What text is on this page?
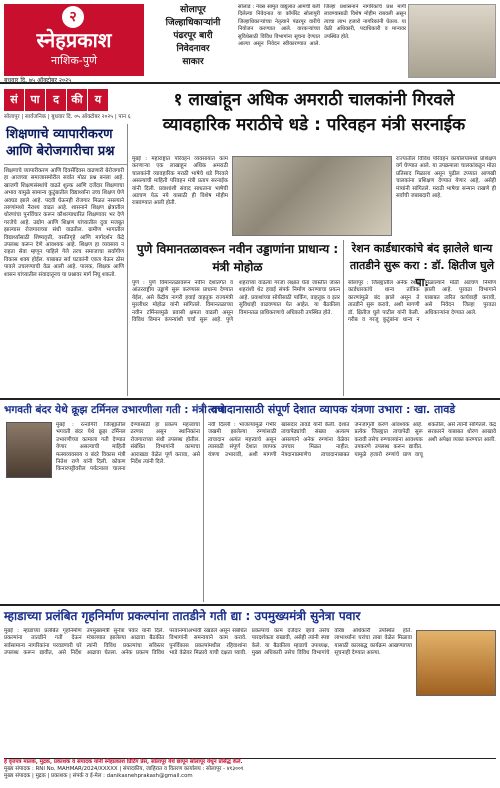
२
स्नेहप्रकाश
नाशिक-पुणे
सोलापूर
जिल्हाधिकाऱ्यांनी
पंढरपूर बारी
निवेदनावर
साकार
सोलाड : नेवस सामुत वाद्युलात आमची बली दिलेल्या निवेदनात या कॉर्पोरेट सोलापुरी जिल्हाधिकाऱ्यांच्या नेतृत्वाने पंढरपूर वारीचे नियोजन करण्यात आले. वारकऱ्यांच्या सुविधेसाठी विविध विभागांना सूचना देण्यात आल्या असून निवेदन स्वीकारण्यात आले. जिल्हा प्रशासनाने नागरिकांचे प्रश्न मार्गी लावण्यासाठी विशेष मोहीम राबवली असून त्याचा लाभ हजारो नागरिकांनी घेतला. या वेळी अधिकारी, पदाधिकारी व मान्यवर उपस्थित होते.
बुधवार दि. ७५ ऑक्टोबर २०२५
सं पा द की य
सोलापूर | सार्वजनिक | बुधवार दि. ०५ ऑक्टोबर २०२५ | पान ६
शिक्षणाचे व्यापारीकरण आणि बेरोजगारीचा प्रश्न
शिक्षणाचे व्यापारीकरण आणि दिवसेंदिवस वाढणारी बेरोजगारी हा आजच्या समाजासमोरील सर्वात मोठा प्रश्न बनला आहे. खाजगी शिक्षणसंस्थांचे वाढते शुल्क आणि दर्जेदार शिक्षणाचा अभाव यामुळे सामान्य कुटुंबातील विद्यार्थ्यांना उच्च शिक्षण घेणे अवघड झाले आहे. पदवी घेऊनही रोजगार मिळत नसल्याने तरुणांमध्ये नैराश्य वाढत आहे. शासनाने शिक्षण क्षेत्रातील धोरणांचा पुनर्विचार करून कौशल्याधारित शिक्षणावर भर देणे गरजेचे आहे. उद्योग आणि शिक्षण यांच्यातील दुवा मजबूत झाल्यास रोजगाराच्या संधी वाढतील. ग्रामीण भागातील विद्यार्थ्यांसाठी शिष्यवृत्ती, वसतिगृहे आणि मार्गदर्शन केंद्रे उपलब्ध करून देणे आवश्यक आहे. शिक्षण हा व्यवसाय न राहता सेवा म्हणून पाहिले गेले तरच समाजाचा सर्वांगीण विकास शक्य होईल. याबाबत सर्व घटकांनी एकत्र येऊन ठोस पावले उचलण्याची वेळ आली आहे. पालक, शिक्षक आणि शासन यांच्यातील संवादातूनच या प्रश्नावर मार्ग निघू शकतो.
१ लाखांहून अधिक अमराठी चालकांनी गिरवले
व्यावहारिक मराठीचे धडे : परिवहन मंत्री सरनाईक
मुंबई : महाराष्ट्रात परिवहन व्यवसायात काम करणाऱ्या एक लाखाहून अधिक अमराठी चालकांनी व्यावहारिक मराठी भाषेचे धडे गिरवले असल्याची माहिती परिवहन मंत्री प्रताप सरनाईक यांनी दिली. प्रवाशांशी संवाद साधताना भाषेची अडचण येऊ नये यासाठी ही विशेष मोहीम राबवण्यात आली होती.
राज्यातील विविध परिवहन कार्यालयांमध्ये प्रशिक्षण वर्ग घेण्यात आले. या उपक्रमाला चालकांकडून मोठा प्रतिसाद मिळाला असून पुढील टप्प्यात आणखी चालकांना प्रशिक्षण देण्यात येणार आहे, असेही मंत्र्यांनी सांगितले. मराठी भाषेचा सन्मान राखणे ही सर्वांची जबाबदारी आहे.
पुणे विमानतळावरून नवीन उड्डाणांना प्राधान्य : मंत्री मोहोळ
पुणे : पुणे विमानतळावरून नवीन देशांतर्गत व आंतरराष्ट्रीय उड्डाणे सुरू करण्यास प्राधान्य देण्यात येईल, असे केंद्रीय नागरी हवाई वाहतूक राज्यमंत्री मुरलीधर मोहोळ यांनी सांगितले. विमानतळाच्या नवीन टर्मिनलमुळे प्रवासी क्षमता वाढली असून विविध विमान कंपन्यांशी चर्चा सुरू आहे. पुणे शहराच्या वाढत्या गरजा लक्षात घेता जास्तीत जास्त शहरांशी थेट हवाई संपर्क निर्माण करण्याचा प्रयत्न आहे. प्रवाशांच्या सोयीसाठी पार्किंग, वाहतूक व इतर सुविधाही वाढवण्यात येत आहेत. या बैठकीला विमानतळ प्राधिकरणाचे अधिकारी उपस्थित होते.
रेशन कार्डधारकांचे बंद झालेले धान्य तातडीने सुरू करा : डॉ. क्षितीज घुले पा.
सोलापूर : जिल्ह्यातील अनेक रेशन कार्डधारकांचे धान्य तांत्रिक कारणांमुळे बंद झाले असून ते तातडीने सुरू करावे, अशी मागणी डॉ. क्षितीज घुले पाटील यांनी केली. गरीब व गरजू कुटुंबांना धान्य न मिळाल्याने मोठी अडचण निर्माण झाली आहे. पुरवठा विभागाने याबाबत त्वरित कार्यवाही करावी, असे निवेदन जिल्हा पुरवठा अधिकाऱ्यांना देण्यात आले.
भगवती बंदर येथे क्रूझ टर्मिनल उभारणीला गती : मंत्री राणे
मुंबई : रत्नागिरी जिल्ह्यातील भगवती बंदर येथे क्रूझ टर्मिनल उभारणीच्या कामाला गती देण्यात येणार असल्याची माहिती मत्स्यव्यवसाय व बंदरे विकास मंत्री नितेश राणे यांनी दिली. कोकण किनारपट्टीवरील पर्यटनाला चालना देण्यासाठी हा प्रकल्प महत्त्वाचा ठरणार असून स्थानिकांना रोजगाराच्या संधी उपलब्ध होतील. संबंधित विभागांनी कामाचा आराखडा वेळेत पूर्ण करावा, असे निर्देश त्यांनी दिले.
त्वचादानासाठी संपूर्ण देशात व्यापक यंत्रणा उभारा : खा. तावडे
नवी दिल्ली : भाजल्यामुळे गंभीर जखमी झालेल्या रुग्णांसाठी त्वचादान अत्यंत महत्त्वाचे असून त्यासाठी संपूर्ण देशात व्यापक यंत्रणा उभारावी, अशी मागणी खासदार तावडे यांनी केली. देशात त्वचापेढ्यांची संख्या अत्यल्प असल्याने अनेक रुग्णांना वेळेवर उपचार मिळत नाहीत. नेत्रदानाप्रमाणेच त्वचादानाबाबत जनजागृती करणे आवश्यक आहे. प्रत्येक जिल्ह्यात त्वचापेढी सुरू करावी तसेच रुग्णालयांना आवश्यक उपकरणे उपलब्ध करून द्यावीत. यामुळे हजारो रुग्णांचे प्राण वाचू शकतील, असे त्यांनी सांगितले. केंद्र सरकारने याबाबत धोरण आखावे अशी अपेक्षा व्यक्त करण्यात आली.
म्हाडाच्या प्रलंबित गृहनिर्माण प्रकल्पांना तातडीने गती द्या : उपमुख्यमंत्री सुनेत्रा पवार
मुंबई : म्हाडाच्या प्रलंबित गृहनिर्माण प्रकल्पांना तातडीने गती देऊन सर्वसामान्य नागरिकांना परवडणारी घरे उपलब्ध करून द्यावीत, असे निर्देश उपमुख्यमंत्री सुनेत्रा पवार यांनी दिले. मंत्रालयात झालेल्या आढावा बैठकीत त्यांनी विविध प्रकल्पांचा सविस्तर आढावा घेतला. अनेक प्रकल्प विविध परवानग्यांअभावी रखडले असून संबंधित विभागांनी समन्वयाने काम करावे. पुनर्विकास प्रकल्पांमधील रहिवाशांना भाडे वेळेवर मिळावे याची दक्षता घ्यावी. प्रकल्पांचे काम दर्जेदार व्हावे तसेच पारदर्शकता राखावी, असेही त्यांनी स्पष्ट केले. या बैठकीला म्हाडाचे उपाध्यक्ष, मुख्य अधिकारी तसेच विविध विभागांचे वरिष्ठ अधिकारी उपस्थित होते. लाभार्थ्यांना घरांचा ताबा वेळेत मिळावा यासाठी कालबद्ध कार्यक्रम आखण्याच्या सूचनाही देण्यात आल्या.
हे वृत्तपत्र मालक, मुद्रक, प्रकाशक व संपादक यांनी स्नेहप्रकाश प्रिंटिंग प्रेस, सोलापूर येथे छापून सोलापूर येथून प्रसिद्ध केले.
मुख्य संपादक : RNI No. MAHMAR/2024/XXXXX | संपादकीय, जाहिरात व वितरण कार्यालय : सोलापूर - ४१३००१
मुख्य संपादक | मुद्रक | प्रकाशक | संपर्क व ई-मेल : danikasnehprakash@gmail.com
